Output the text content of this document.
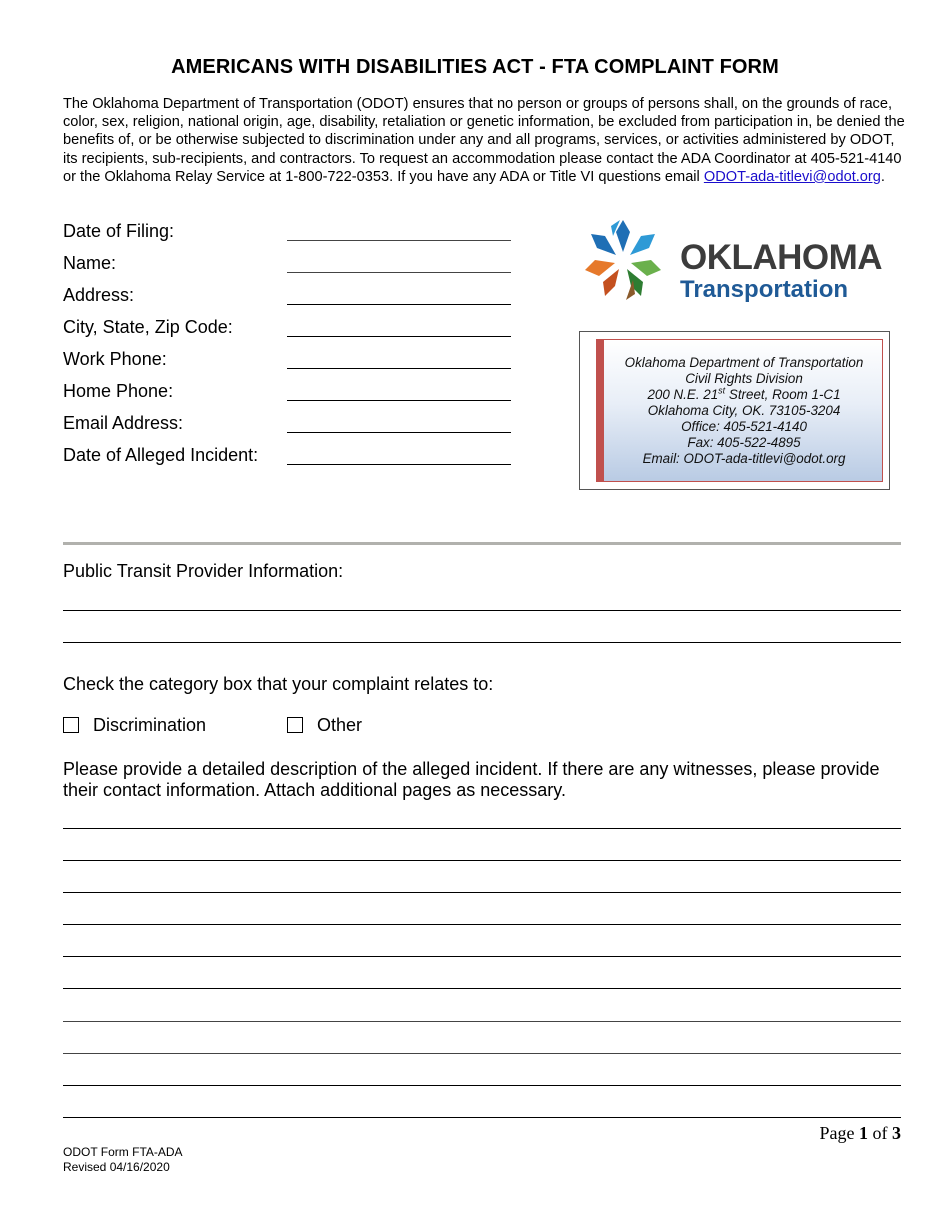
AMERICANS WITH DISABILITIES ACT - FTA COMPLAINT FORM
The Oklahoma Department of Transportation (ODOT) ensures that no person or groups of persons shall, on the grounds of race, color, sex, religion, national origin, age, disability, retaliation or genetic information, be excluded from participation in, be denied the benefits of, or be otherwise subjected to discrimination under any and all programs, services, or activities administered by ODOT, its recipients, sub-recipients, and contractors. To request an accommodation please contact the ADA Coordinator at 405-521-4140 or the Oklahoma Relay Service at 1-800-722-0353. If you have any ADA or Title VI questions email ODOT-ada-titlevi@odot.org.
Date of Filing:
Name:
Address:
City, State, Zip Code:
Work Phone:
Home Phone:
Email Address:
Date of Alleged Incident:
OKLAHOMA
Transportation
Oklahoma Department of Transportation
Civil Rights Division
200 N.E. 21st Street, Room 1-C1
Oklahoma City, OK. 73105-3204
Office: 405-521-4140
Fax: 405-522-4895
Email: ODOT-ada-titlevi@odot.org
Public Transit Provider Information:
Check the category box that your complaint relates to:
Discrimination	Other
Please provide a detailed description of the alleged incident. If there are any witnesses, please provide their contact information. Attach additional pages as necessary.
Page 1 of 3
ODOT Form FTA-ADA
Revised 04/16/2020
